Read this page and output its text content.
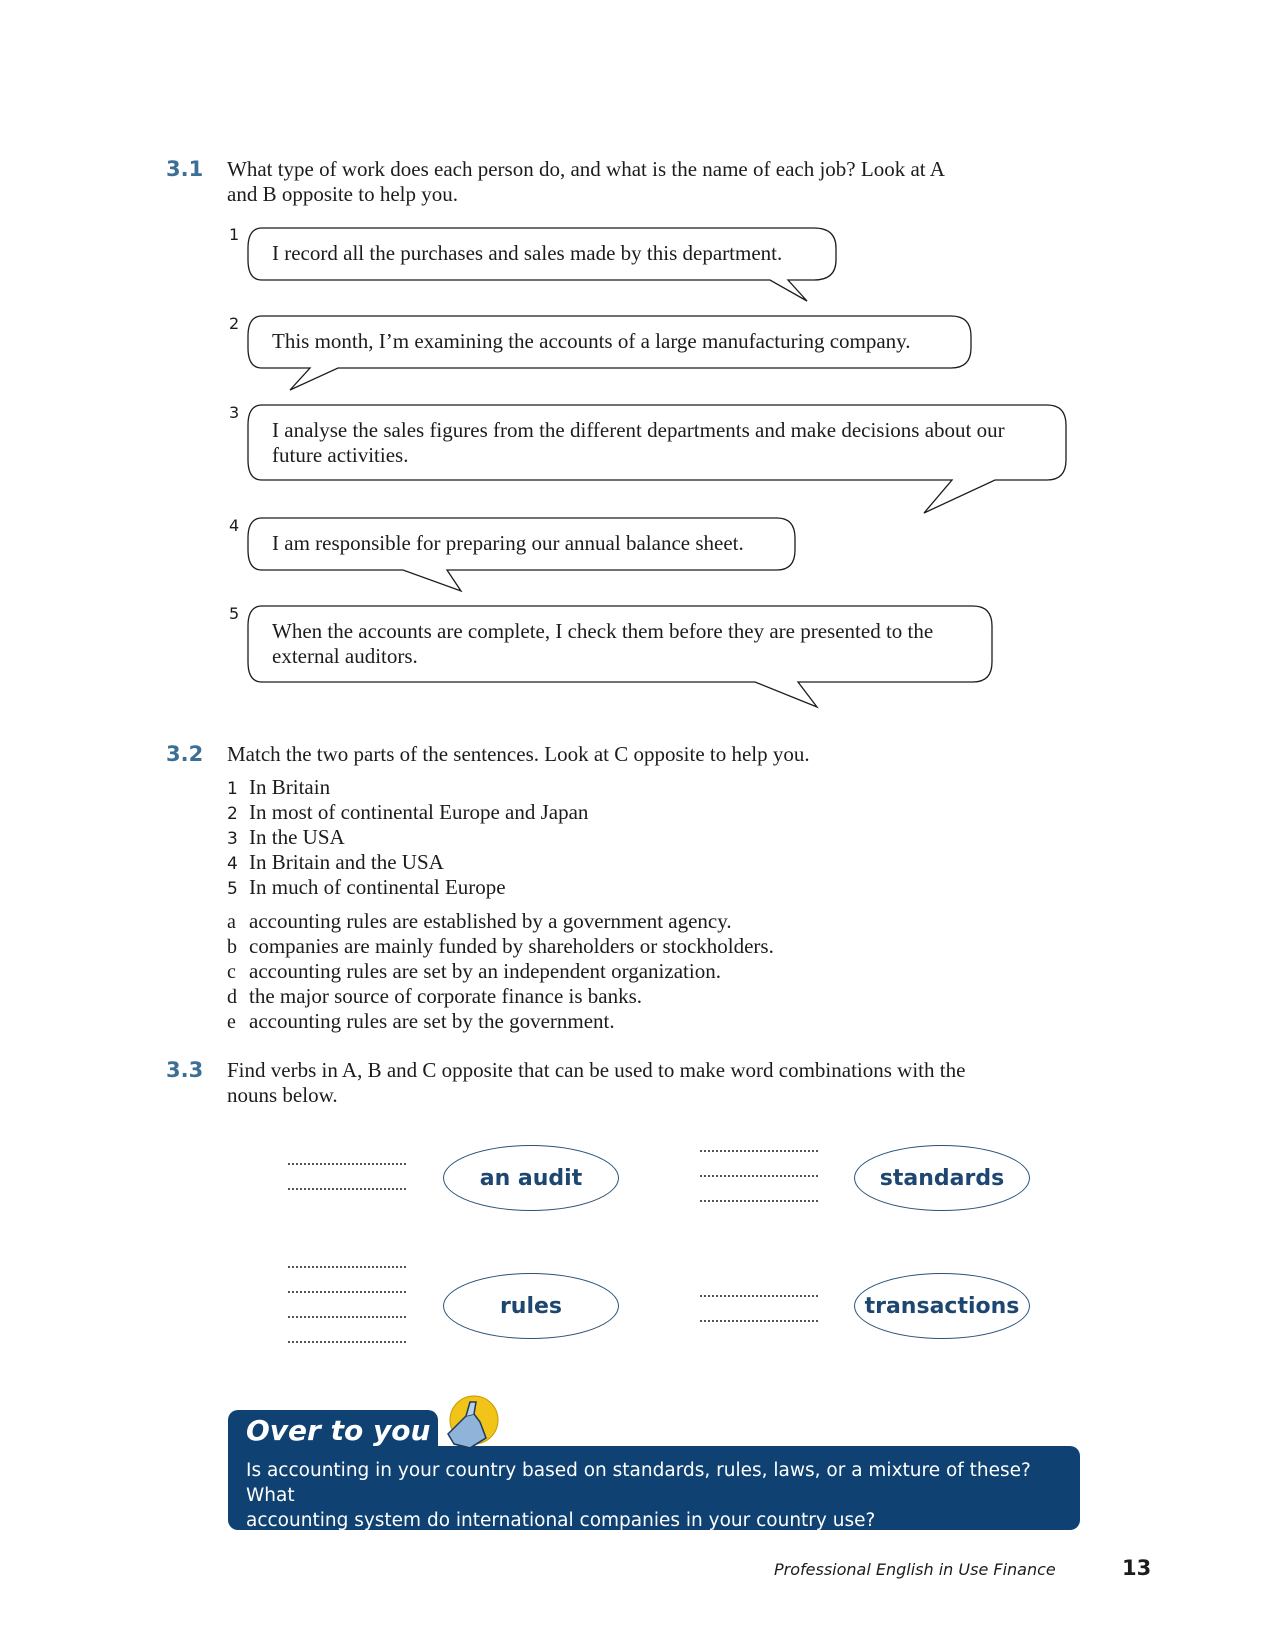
3.1 What type of work does each person do, and what is the name of each job? Look at A
and B opposite to help you.
1
I record all the purchases and sales made by this department.
2
This month, I’m examining the accounts of a large manufacturing company.
3
I analyse the sales figures from the different departments and make decisions about our
future activities.
4
I am responsible for preparing our annual balance sheet.
5
When the accounts are complete, I check them before they are presented to the
external auditors.
3.2 Match the two parts of the sentences. Look at C opposite to help you.
1 In Britain
2 In most of continental Europe and Japan
3 In the USA
4 In Britain and the USA
5 In much of continental Europe
a accounting rules are established by a government agency.
b companies are mainly funded by shareholders or stockholders.
c accounting rules are set by an independent organization.
d the major source of corporate finance is banks.
e accounting rules are set by the government.
3.3 Find verbs in A, B and C opposite that can be used to make word combinations with the
nouns below.
an audit	standards
rules	transactions
Over to you
Is accounting in your country based on standards, rules, laws, or a mixture of these? What
accounting system do international companies in your country use?
Professional English in Use Finance	13
